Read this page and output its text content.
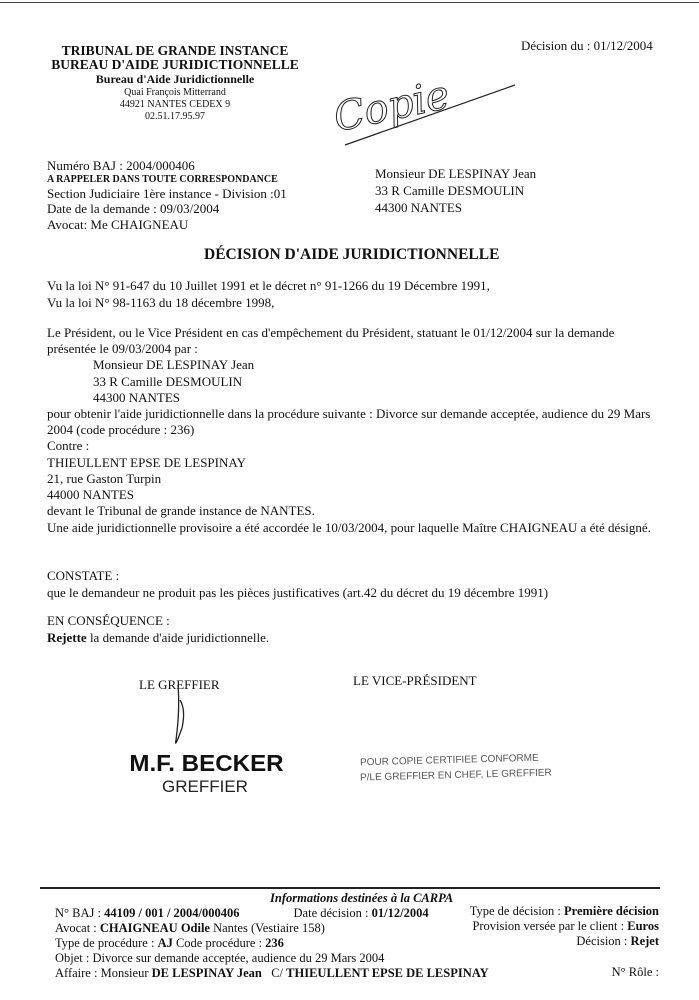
TRIBUNAL DE GRANDE INSTANCE
BUREAU D'AIDE JURIDICTIONNELLE
Bureau d'Aide Juridictionnelle
Quai François Mitterrand
44921 NANTES CEDEX 9
02.51.17.95.97
Décision du : 01/12/2004
Copie
Numéro BAJ : 2004/000406
A RAPPELER DANS TOUTE CORRESPONDANCE
Section Judiciaire 1ère instance - Division :01
Date de la demande : 09/03/2004
Avocat: Me CHAIGNEAU
Monsieur DE LESPINAY Jean
33 R Camille DESMOULIN
44300 NANTES
DÉCISION D'AIDE JURIDICTIONNELLE
Vu la loi N° 91-647 du 10 Juillet 1991 et le décret n° 91-1266 du 19 Décembre 1991,
Vu la loi N° 98-1163 du 18 décembre 1998,
Le Président, ou le Vice Président en cas d'empêchement du Président, statuant le 01/12/2004 sur la demande
présentée le 09/03/2004 par :
Monsieur DE LESPINAY Jean
33 R Camille DESMOULIN
44300 NANTES
pour obtenir l'aide juridictionnelle dans la procédure suivante : Divorce sur demande acceptée, audience du 29 Mars
2004 (code procédure : 236)
Contre :
THIEULLENT EPSE DE LESPINAY
21, rue Gaston Turpin
44000 NANTES
devant le Tribunal de grande instance de NANTES.
Une aide juridictionnelle provisoire a été accordée le 10/03/2004, pour laquelle Maître CHAIGNEAU a été désigné.
CONSTATE :
que le demandeur ne produit pas les pièces justificatives (art.42 du décret du 19 décembre 1991)
EN CONSÉQUENCE :
Rejette la demande d'aide juridictionnelle.
LE GREFFIER	LE VICE-PRÉSIDENT
M.F. BECKER
GREFFIER
POUR COPIE CERTIFIEE CONFORME
P/LE GREFFIER EN CHEF, LE GREFFIER
Informations destinées à la CARPA
N° BAJ : 44109 / 001 / 2004/000406	Date décision : 01/12/2004
Avocat : CHAIGNEAU Odile Nantes (Vestiaire 158)
Type de procédure : AJ Code procédure : 236
Objet : Divorce sur demande acceptée, audience du 29 Mars 2004
Affaire : Monsieur DE LESPINAY Jean   C/ THIEULLENT EPSE DE LESPINAY
Type de décision : Première décision
Provision versée par le client : Euros
Décision : Rejet
N° Rôle :
